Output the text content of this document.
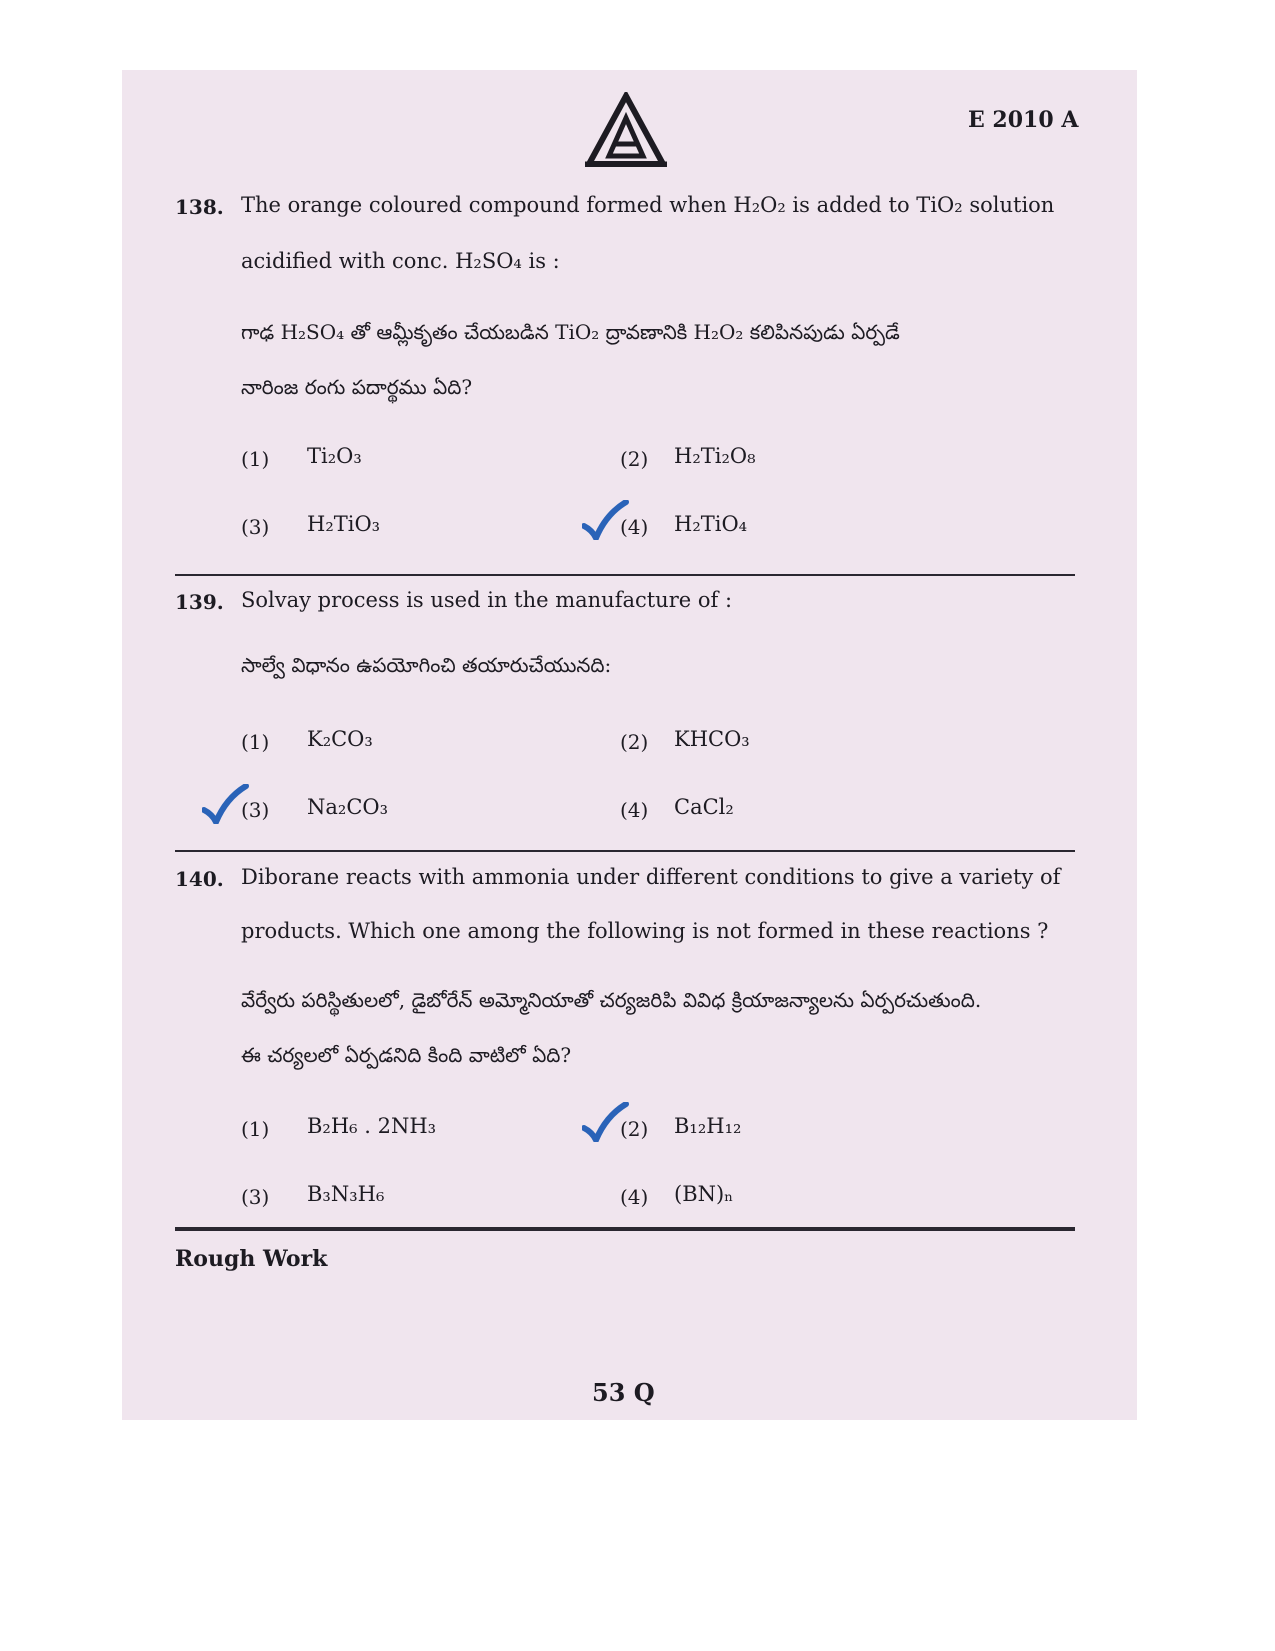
E 2010 A
138. The orange coloured compound formed when H₂O₂ is added to TiO₂ solution
acidified with conc. H₂SO₄ is :
గాఢ H₂SO₄ తో ఆమ్లీకృతం చేయబడిన TiO₂ ద్రావణానికి H₂O₂ కలిపినపుడు ఏర్పడే
నారింజ రంగు పదార్థము ఏది?
(1) Ti₂O₃	(2) H₂Ti₂O₈
(3) H₂TiO₃	(4) H₂TiO₄
139. Solvay process is used in the manufacture of :
సాల్వే విధానం ఉపయోగించి తయారుచేయునది:
(1) K₂CO₃	(2) KHCO₃
(3) Na₂CO₃	(4) CaCl₂
140. Diborane reacts with ammonia under different conditions to give a variety of
products. Which one among the following is not formed in these reactions ?
వేర్వేరు పరిస్థితులలో, డైబోరేన్ అమ్మోనియాతో చర్యజరిపి వివిధ క్రియాజన్యాలను ఏర్పరచుతుంది.
ఈ చర్యలలో ఏర్పడనిది కింది వాటిలో ఏది?
(1) B₂H₆ . 2NH₃	(2) B₁₂H₁₂
(3) B₃N₃H₆	(4) (BN)ₙ
Rough Work
53 Q
